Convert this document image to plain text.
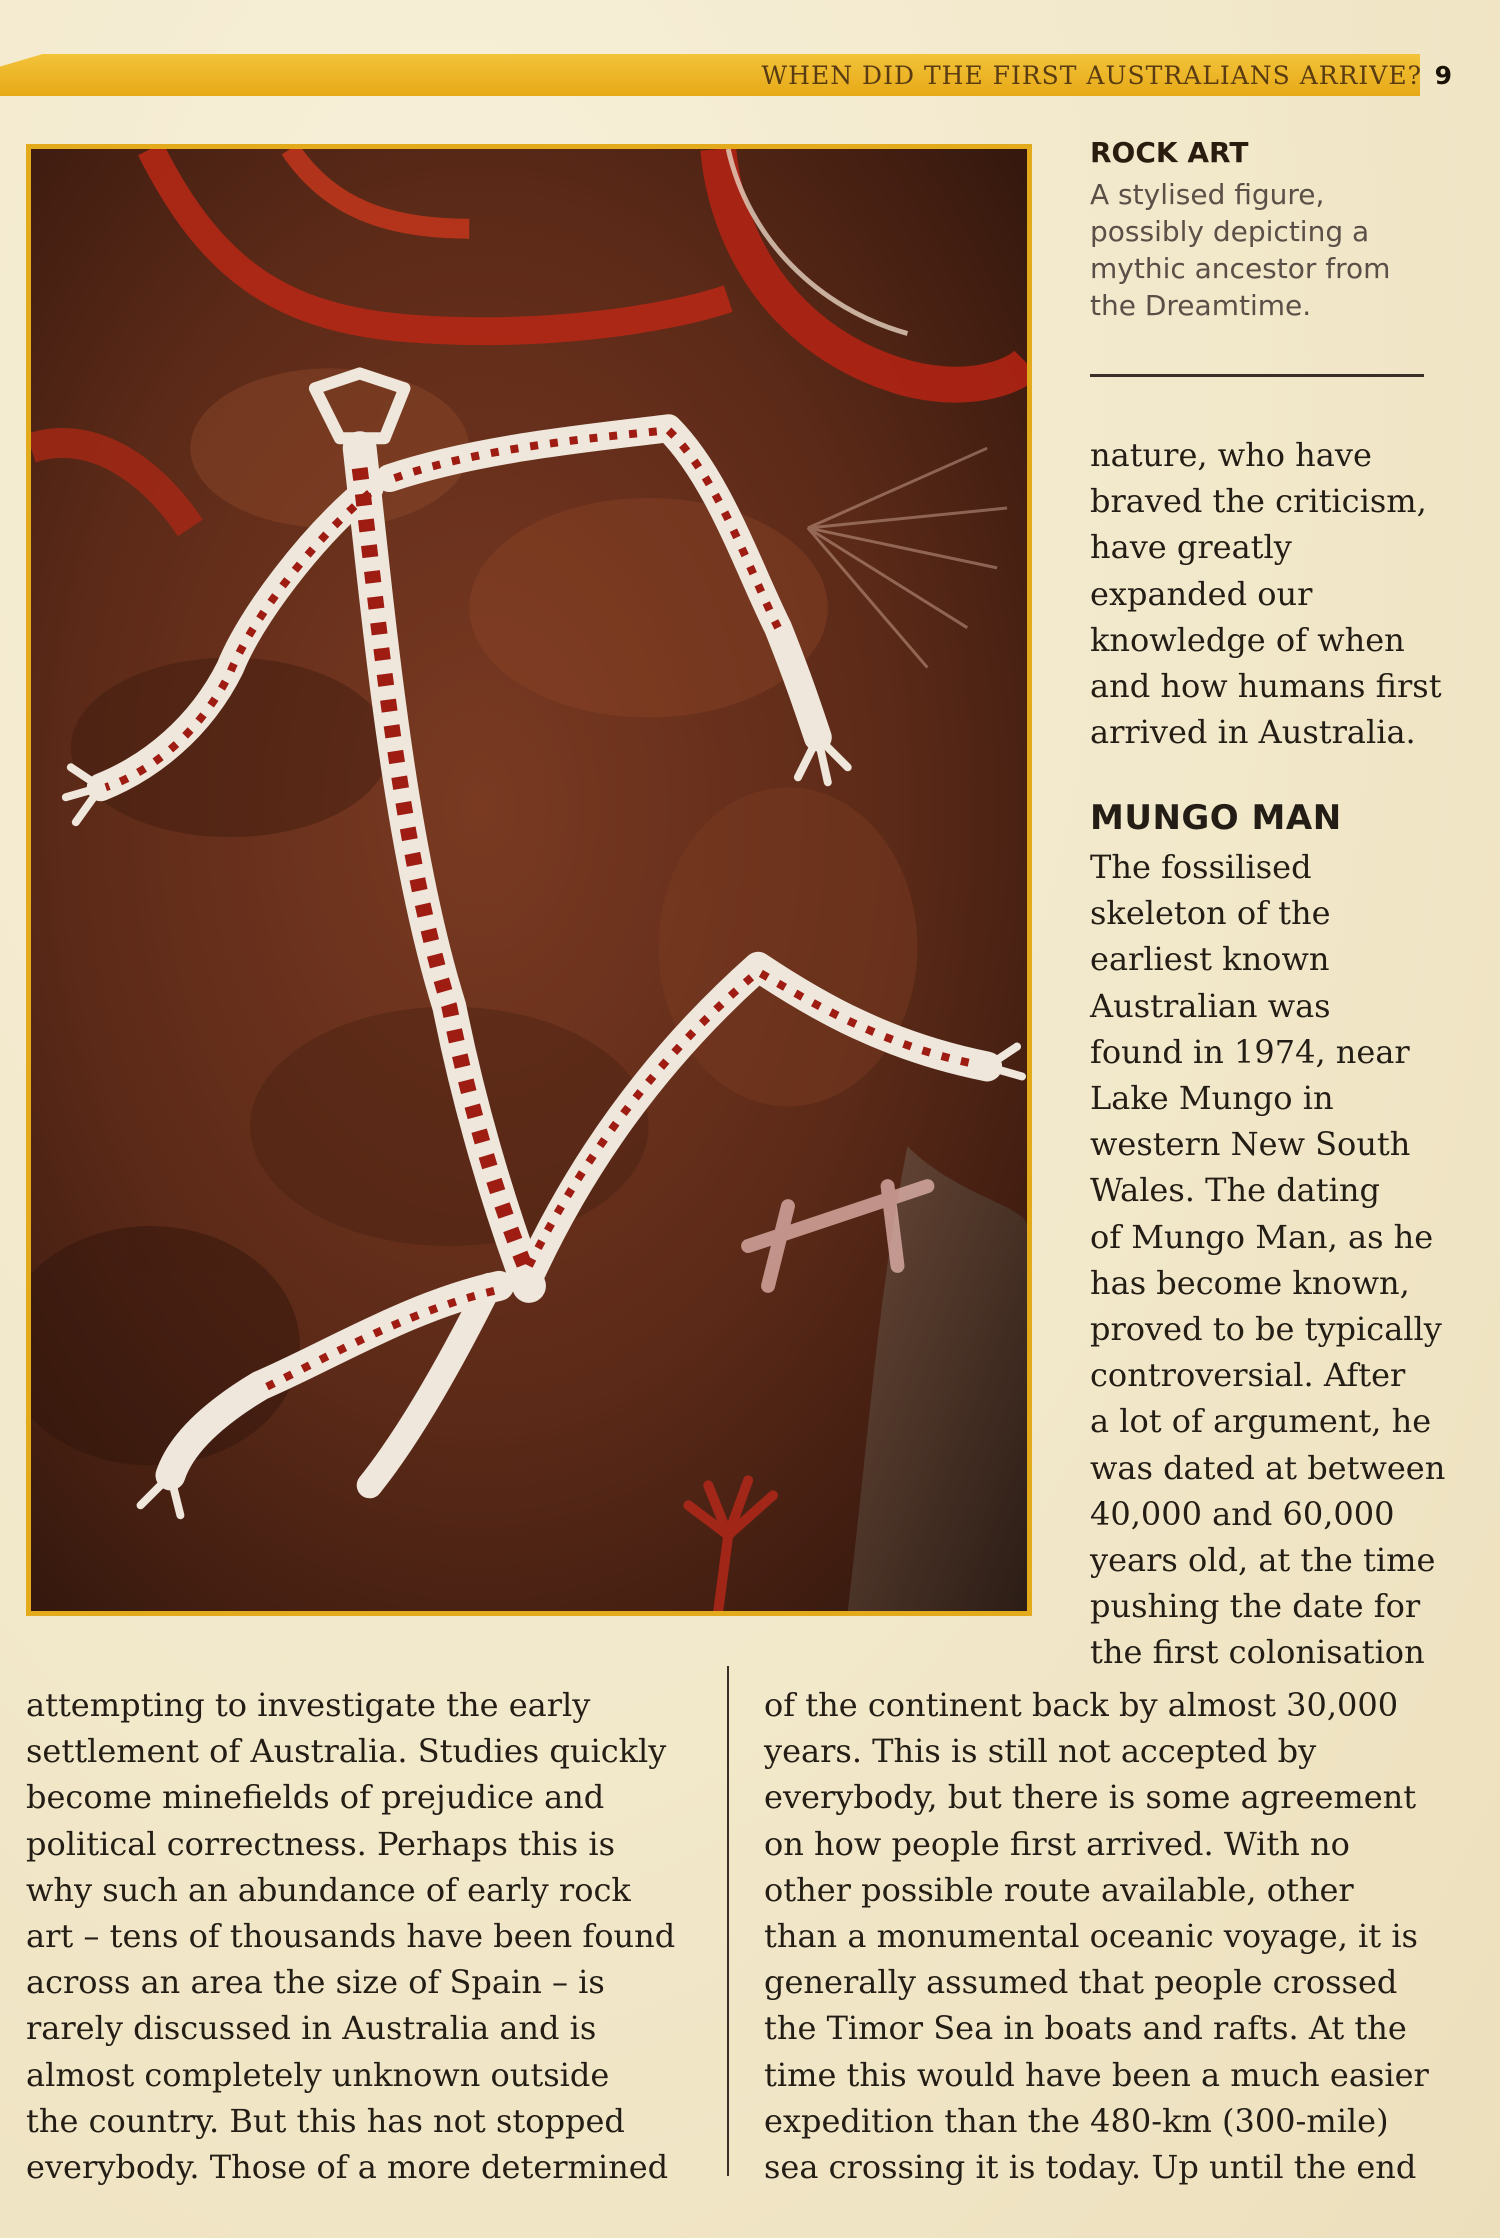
WHEN DID THE FIRST AUSTRALIANS ARRIVE? 9
ROCK ART
A stylised figure,
possibly depicting a
mythic ancestor from
the Dreamtime.
nature, who have
braved the criticism,
have greatly
expanded our
knowledge of when
and how humans first
arrived in Australia.
MUNGO MAN
The fossilised
skeleton of the
earliest known
Australian was
found in 1974, near
Lake Mungo in
western New South
Wales. The dating
of Mungo Man, as he
has become known,
proved to be typically
controversial. After
a lot of argument, he
was dated at between
40,000 and 60,000
years old, at the time
pushing the date for
the first colonisation
attempting to investigate the early
settlement of Australia. Studies quickly
become minefields of prejudice and
political correctness. Perhaps this is
why such an abundance of early rock
art – tens of thousands have been found
across an area the size of Spain – is
rarely discussed in Australia and is
almost completely unknown outside
the country. But this has not stopped
everybody. Those of a more determined
of the continent back by almost 30,000
years. This is still not accepted by
everybody, but there is some agreement
on how people first arrived. With no
other possible route available, other
than a monumental oceanic voyage, it is
generally assumed that people crossed
the Timor Sea in boats and rafts. At the
time this would have been a much easier
expedition than the 480-km (300-mile)
sea crossing it is today. Up until the end
